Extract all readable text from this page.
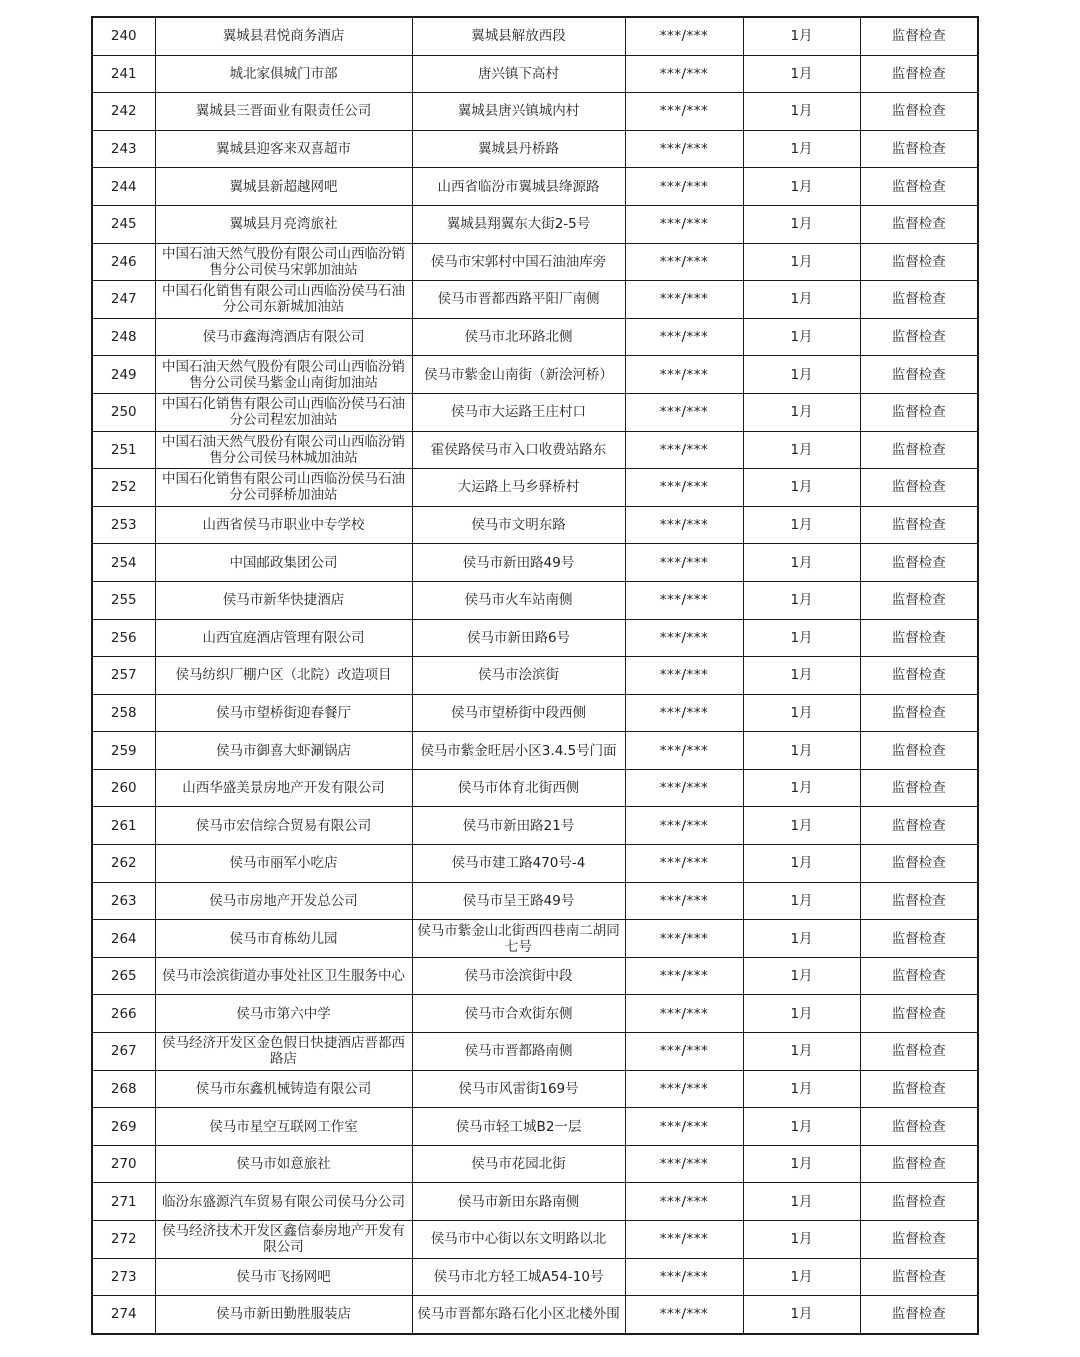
240	翼城县君悦商务酒店	翼城县解放西段	***/***	1月	监督检查
241	城北家俱城门市部	唐兴镇下高村	***/***	1月	监督检查
242	翼城县三晋面业有限责任公司	翼城县唐兴镇城内村	***/***	1月	监督检查
243	翼城县迎客来双喜超市	翼城县丹桥路	***/***	1月	监督检查
244	翼城县新超越网吧	山西省临汾市翼城县绛源路	***/***	1月	监督检查
245	翼城县月亮湾旅社	翼城县翔翼东大街2-5号	***/***	1月	监督检查
246	中国石油天然气股份有限公司山西临汾销售分公司侯马宋郭加油站	侯马市宋郭村中国石油油库旁	***/***	1月	监督检查
247	中国石化销售有限公司山西临汾侯马石油分公司东新城加油站	侯马市晋都西路平阳厂南侧	***/***	1月	监督检查
248	侯马市鑫海湾酒店有限公司	侯马市北环路北侧	***/***	1月	监督检查
249	中国石油天然气股份有限公司山西临汾销售分公司侯马紫金山南街加油站	侯马市紫金山南街（新浍河桥）	***/***	1月	监督检查
250	中国石化销售有限公司山西临汾侯马石油分公司程宏加油站	侯马市大运路王庄村口	***/***	1月	监督检查
251	中国石油天然气股份有限公司山西临汾销售分公司侯马林城加油站	霍侯路侯马市入口收费站路东	***/***	1月	监督检查
252	中国石化销售有限公司山西临汾侯马石油分公司驿桥加油站	大运路上马乡驿桥村	***/***	1月	监督检查
253	山西省侯马市职业中专学校	侯马市文明东路	***/***	1月	监督检查
254	中国邮政集团公司	侯马市新田路49号	***/***	1月	监督检查
255	侯马市新华快捷酒店	侯马市火车站南侧	***/***	1月	监督检查
256	山西宜庭酒店管理有限公司	侯马市新田路6号	***/***	1月	监督检查
257	侯马纺织厂棚户区（北院）改造项目	侯马市浍滨街	***/***	1月	监督检查
258	侯马市望桥街迎春餐厅	侯马市望桥街中段西侧	***/***	1月	监督检查
259	侯马市御喜大虾涮锅店	侯马市紫金旺居小区3.4.5号门面	***/***	1月	监督检查
260	山西华盛美景房地产开发有限公司	侯马市体育北街西侧	***/***	1月	监督检查
261	侯马市宏信综合贸易有限公司	侯马市新田路21号	***/***	1月	监督检查
262	侯马市丽军小吃店	侯马市建工路470号-4	***/***	1月	监督检查
263	侯马市房地产开发总公司	侯马市呈王路49号	***/***	1月	监督检查
264	侯马市育栋幼儿园	侯马市紫金山北街西四巷南二胡同七号	***/***	1月	监督检查
265	侯马市浍滨街道办事处社区卫生服务中心	侯马市浍滨街中段	***/***	1月	监督检查
266	侯马市第六中学	侯马市合欢街东侧	***/***	1月	监督检查
267	侯马经济开发区金色假日快捷酒店晋都西路店	侯马市晋都路南侧	***/***	1月	监督检查
268	侯马市东鑫机械铸造有限公司	侯马市风雷街169号	***/***	1月	监督检查
269	侯马市星空互联网工作室	侯马市轻工城B2一层	***/***	1月	监督检查
270	侯马市如意旅社	侯马市花园北街	***/***	1月	监督检查
271	临汾东盛源汽车贸易有限公司侯马分公司	侯马市新田东路南侧	***/***	1月	监督检查
272	侯马经济技术开发区鑫信泰房地产开发有限公司	侯马市中心街以东文明路以北	***/***	1月	监督检查
273	侯马市飞扬网吧	侯马市北方轻工城A54-10号	***/***	1月	监督检查
274	侯马市新田勤胜服装店	侯马市晋都东路石化小区北楼外围	***/***	1月	监督检查
